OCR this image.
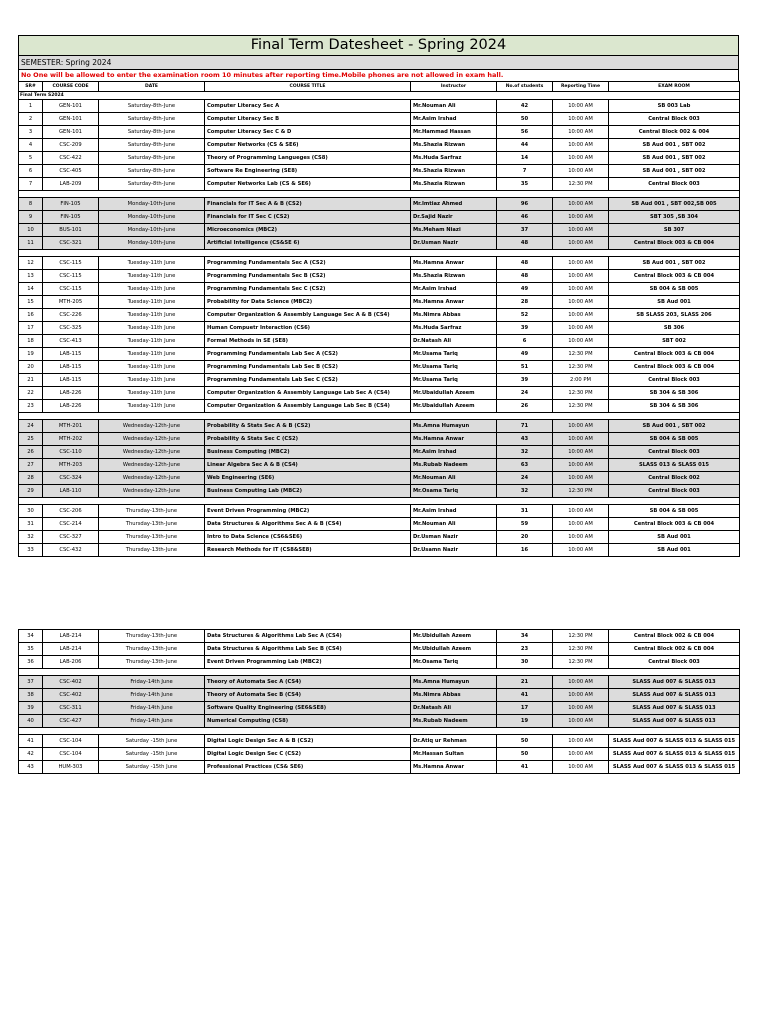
Final Term Datesheet - Spring 2024
SEMESTER: Spring 2024
No One will be allowed to enter the examination room 10 minutes after reporting time.Mobile phones are not allowed in exam hall.
SR#	COURSE CODE	DATE	COURSE TITLE	Instructor	No.of students	Reporting Time	EXAM ROOM
Final Term S2024							
1	GEN-101	Saturday-8th-June	Computer Literacy Sec A	Mr.Nouman Ali	42	10:00 AM	SB 003 Lab
2	GEN-101	Saturday-8th-June	Computer Literacy Sec B	Mr.Asim Irshad	50	10:00 AM	Central Block 003
3	GEN-101	Saturday-8th-June	Computer Literacy Sec C & D	Mr.Hammad Hassan	56	10:00 AM	Central Block 002 & 004
4	CSC-209	Saturday-8th-June	Computer Networks (CS & SE6)	Ms.Shazia Rizwan	44	10:00 AM	SB Aud 001 , SBT 002
5	CSC-422	Saturday-8th-June	Theory of Programming Langueges (CS8)	Ms.Huda Sarfraz	14	10:00 AM	SB Aud 001 , SBT 002
6	CSC-405	Saturday-8th-June	Software Re Engineering (SE8)	Ms.Shazia Rizwan	7	10:00 AM	SB Aud 001 , SBT 002
7	LAB-209	Saturday-8th-June	Computer Networks Lab (CS & SE6)	Ms.Shazia Rizwan	35	12:30 PM	Central Block 003

8	FIN-105	Monday-10th-June	Financials for IT Sec A & B (CS2)	Mr.Imtiaz Ahmed	96	10:00 AM	SB Aud 001 , SBT 002,SB 005
9	FIN-105	Monday-10th-June	Financials for IT Sec C (CS2)	Dr.Sajid Nazir	46	10:00 AM	SBT 305 ,SB 304
10	BUS-101	Monday-10th-June	Microeconomics (MBC2)	Ms.Meham Niazi	37	10:00 AM	SB 307
11	CSC-321	Monday-10th-June	Artificial Intelligence (CS&SE 6)	Dr.Usman Nazir	48	10:00 AM	Central Block 003 & CB 004

12	CSC-115	Tuesday-11th June	Programming Fundamentals Sec A (CS2)	Ms.Hamna Anwar	48	10:00 AM	SB Aud 001 , SBT 002
13	CSC-115	Tuesday-11th June	Programming Fundamentals Sec B (CS2)	Ms.Shazia Rizwan	48	10:00 AM	Central Block 003 & CB 004
14	CSC-115	Tuesday-11th June	Programming Fundamentals Sec C (CS2)	Mr.Asim Irshad	49	10:00 AM	SB 004 & SB 005
15	MTH-205	Tuesday-11th June	Probability for Data Science (MBC2)	Ms.Hamna Anwar	28	10:00 AM	SB Aud 001
16	CSC-226	Tuesday-11th June	Computer Organization & Assembly Language Sec A & B (CS4)	Ms.Nimra Abbas	52	10:00 AM	SB SLASS 203, SLASS 206
17	CSC-325	Tuesday-11th June	Human Compuetr Interaction (CS6)	Ms.Huda Sarfraz	39	10:00 AM	SB 306
18	CSC-413	Tuesday-11th June	Formal Methods in SE (SE8)	Dr.Natash Ali	6	10:00 AM	SBT 002
19	LAB-115	Tuesday-11th June	Programming Fundamentals Lab Sec A (CS2)	Mr.Usama Tariq	49	12:30 PM	Central Block 003 & CB 004
20	LAB-115	Tuesday-11th June	Programming Fundamentals Lab Sec B (CS2)	Mr.Usama Tariq	51	12:30 PM	Central Block 003 & CB 004
21	LAB-115	Tuesday-11th June	Programming Fundamentals Lab Sec C (CS2)	Mr.Usama Tariq	39	2:00 PM	Central Block 003
22	LAB-226	Tuesday-11th June	Computer Organization & Assembly Language Lab Sec A (CS4)	Mr.Ubaidullah Azeem	24	12:30 PM	SB 304 & SB 306
23	LAB-226	Tuesday-11th June	Computer Organization & Assembly Language Lab Sec B (CS4)	Mr.Ubaidullah Azeem	26	12:30 PM	SB 304 & SB 306

24	MTH-201	Wednesday-12th-June	Probability & Stats Sec A & B (CS2)	Ms.Amna Humayun	71	10:00 AM	SB Aud 001 , SBT 002
25	MTH-202	Wednesday-12th-June	Probability & Stats Sec C (CS2)	Ms.Hamna Anwar	43	10:00 AM	SB 004 & SB 005
26	CSC-110	Wednesday-12th-June	Business Computing (MBC2)	Mr.Asim Irshad	32	10:00 AM	Central Block 003
27	MTH-203	Wednesday-12th-June	Linear Algebra Sec A & B (CS4)	Ms.Rubab Nadeem	63	10:00 AM	SLASS 013 & SLASS 015
28	CSC-324	Wednesday-12th-June	Web Engineering (SE6)	Mr.Nouman Ali	24	10:00 AM	Central Block 002
29	LAB-110	Wednesday-12th-June	Business Computing Lab (MBC2)	Mr.Osama Tariq	32	12:30 PM	Central Block 003

30	CSC-206	Thursday-13th-June	Event Driven Programming (MBC2)	Mr.Asim Irshad	31	10:00 AM	SB 004 & SB 005
31	CSC-214	Thursday-13th-June	Data Structures & Algorithms Sec A & B (CS4)	Mr.Nouman Ali	59	10:00 AM	Central Block 003 & CB 004
32	CSC-327	Thursday-13th-June	Intro to Data Science (CS6&SE6)	Dr.Usman Nazir	20	10:00 AM	SB Aud 001
33	CSC-432	Thursday-13th-June	Research Methods for IT (CS8&SE8)	Dr.Usamn Nazir	16	10:00 AM	SB Aud 001
34	LAB-214	Thursday-13th-June	Data Structures & Algorithms Lab Sec A (CS4)	Mr.Ubidullah Azeem	34	12:30 PM	Central Block 002 & CB 004
35	LAB-214	Thursday-13th-June	Data Structures & Algorithms Lab Sec B (CS4)	Mr.Ubidullah Azeem	23	12:30 PM	Central Block 002 & CB 004
36	LAB-206	Thursday-13th-June	Event Driven Programming Lab (MBC2)	Mr.Osama Tariq	30	12:30 PM	Central Block 003

37	CSC-402	Friday-14th June	Theory of Automata Sec A (CS4)	Ms.Amna Humayun	21	10:00 AM	SLASS Aud 007 & SLASS 013
38	CSC-402	Friday-14th June	Theory of Automata Sec B (CS4)	Ms.Nimra Abbas	41	10:00 AM	SLASS Aud 007 & SLASS 013
39	CSC-311	Friday-14th June	Software Quality Engineering (SE6&SE8)	Dr.Natash Ali	17	10:00 AM	SLASS Aud 007 & SLASS 013
40	CSC-427	Friday-14th June	Numerical Computing (CS8)	Ms.Rubab Nadeem	19	10:00 AM	SLASS Aud 007 & SLASS 013

41	CSC-104	Saturday -15th June	Digital Logic Design Sec A & B (CS2)	Dr.Atiq ur Rehman	50	10:00 AM	SLASS Aud 007 & SLASS 013 & SLASS 015
42	CSC-104	Saturday -15th June	Digital Logic Design Sec C (CS2)	Mr.Hassan Sultan	50	10:00 AM	SLASS Aud 007 & SLASS 013 & SLASS 015
43	HUM-303	Saturday -15th June	Professional Practices (CS& SE6)	Ms.Hamna Anwar	41	10:00 AM	SLASS Aud 007 & SLASS 013 & SLASS 015
